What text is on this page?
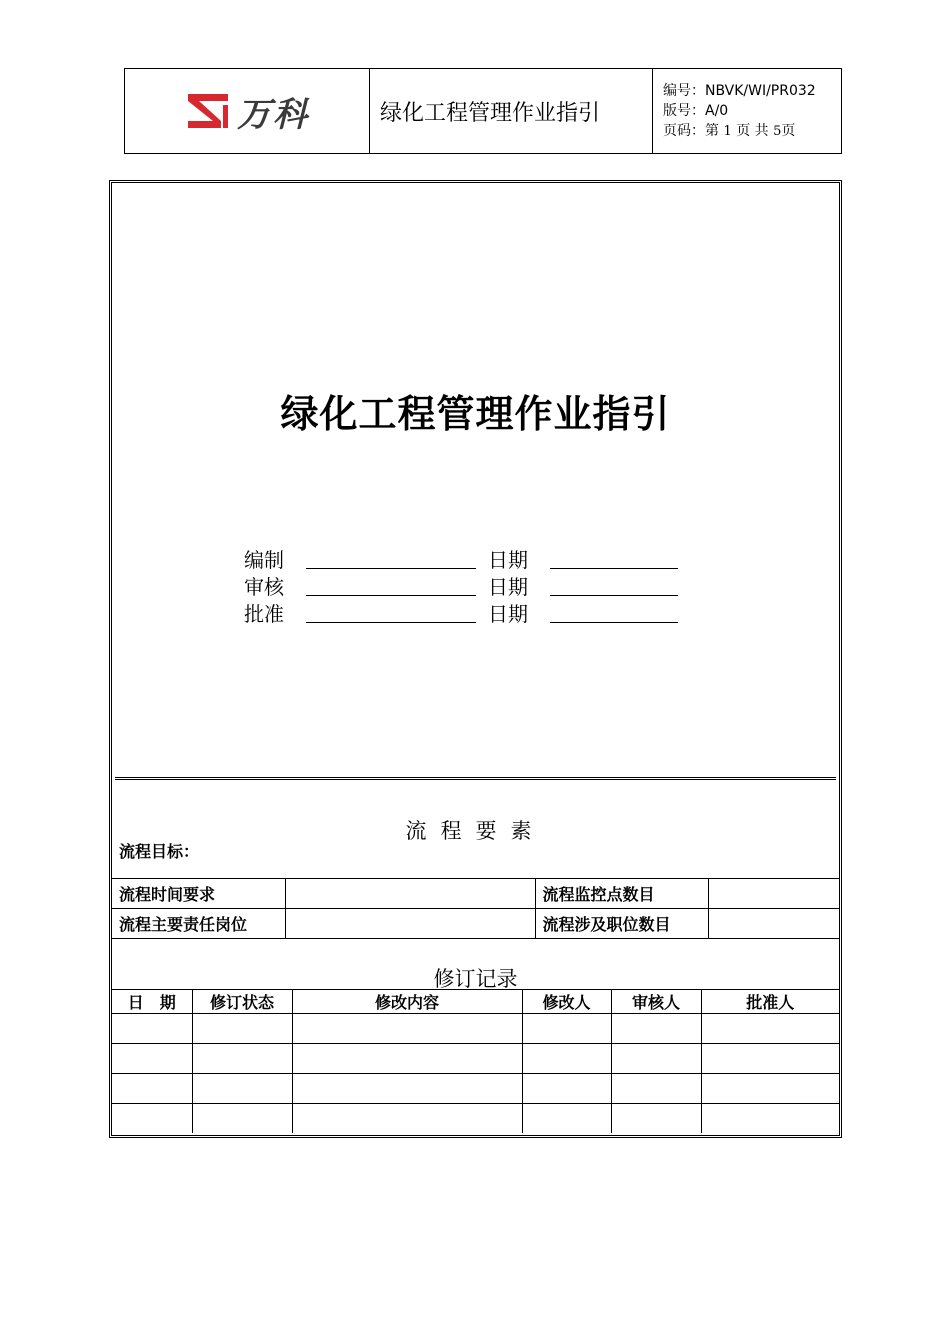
万科	绿化工程管理作业指引	
编号：NBVK/WI/PR032
版号：A/0
页码：第 1 页 共 5页
绿化工程管理作业指引
编制	日期
审核	日期
批准	日期
流程要素
流程目标：
流程时间要求		流程监控点数目	
流程主要责任岗位		流程涉及职位数目	
修订记录
日　期	修订状态	修改内容	修改人	审核人	批准人
